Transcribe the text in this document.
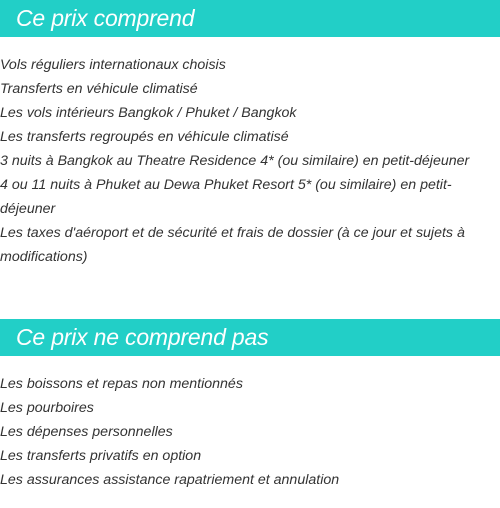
Ce prix comprend
Vols réguliers internationaux choisis
Transferts en véhicule climatisé
Les vols intérieurs Bangkok / Phuket / Bangkok
Les transferts regroupés en véhicule climatisé
3 nuits à Bangkok au Theatre Residence 4* (ou similaire) en petit-déjeuner
4 ou 11 nuits à Phuket au Dewa Phuket Resort 5* (ou similaire) en petit-déjeuner
Les taxes d'aéroport et de sécurité et frais de dossier (à ce jour et sujets à modifications)
Ce prix ne comprend pas
Les boissons et repas non mentionnés
Les pourboires
Les dépenses personnelles
Les transferts privatifs en option
Les assurances assistance rapatriement et annulation
